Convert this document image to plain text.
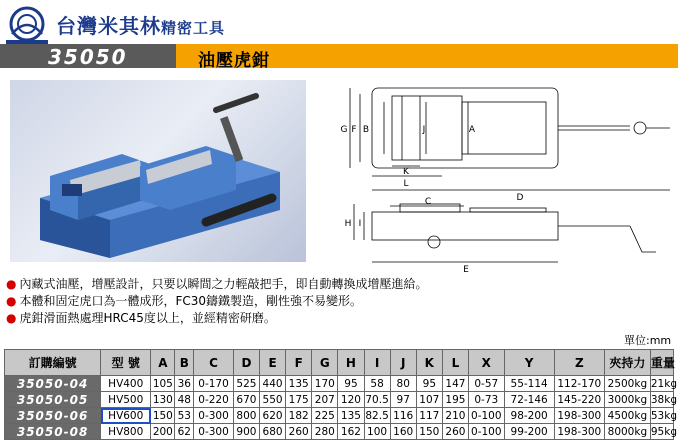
台灣米其林精密工具
35050	油壓虎鉗
G F B	J	A
K
L
D
C
H I
E
● 內藏式油壓，增壓設計，只要以瞬間之力輕敲把手，即自動轉換成增壓進給。
● 本體和固定虎口為一體成形，FC30鑄鐵製造，剛性強不易變形。
● 虎鉗滑面熱處理HRC45度以上，並經精密研磨。
單位:mm
訂購編號	型 號	A	B	C	D	E	F	G	H	I	J	K	L	X	Y	Z	夾持力	重量
35050-04	HV400	105	36	0-170	525	440	135	170	95	58	80	95	147	0-57	55-114	112-170	2500kg	21kg
35050-05	HV500	130	48	0-220	670	550	175	207	120	70.5	97	107	195	0-73	72-146	145-220	3000kg	38kg
35050-06	HV600	150	53	0-300	800	620	182	225	135	82.5	116	117	210	0-100	98-200	198-300	4500kg	53kg
35050-08	HV800	200	62	0-300	900	680	260	280	162	100	160	150	260	0-100	99-200	198-300	8000kg	95kg
